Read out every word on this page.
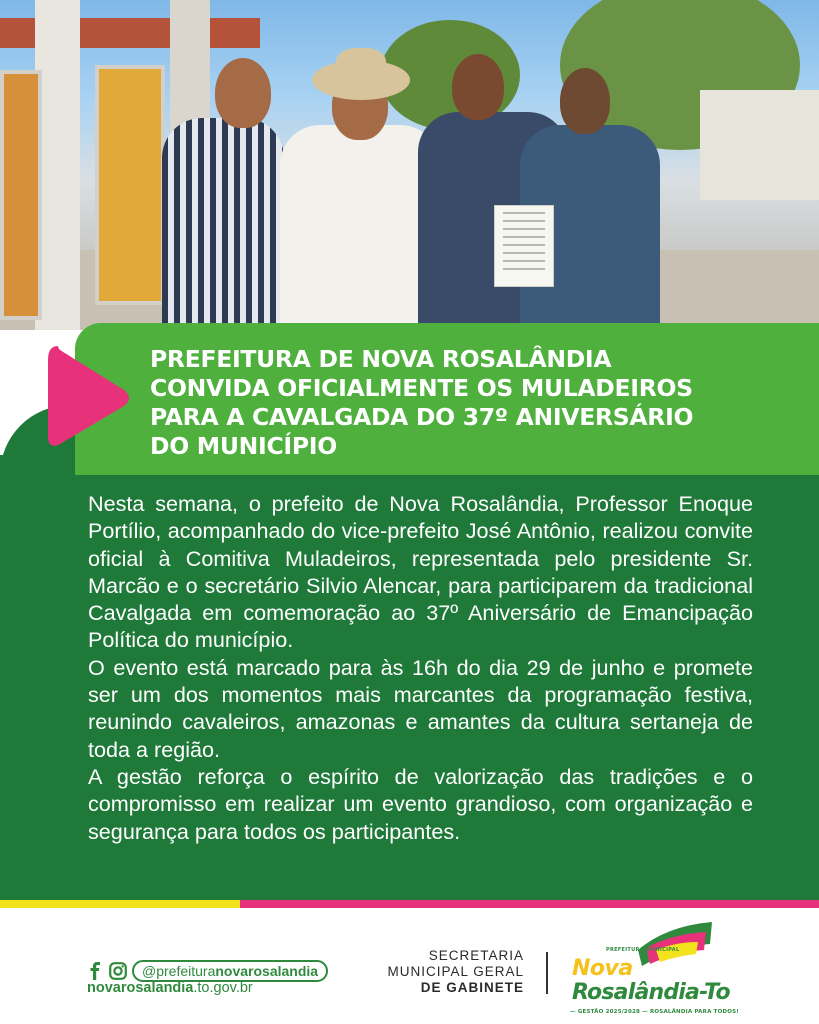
PREFEITURA DE NOVA ROSALÂNDIA
CONVIDA OFICIALMENTE OS MULADEIROS
PARA A CAVALGADA DO 37º ANIVERSÁRIO
DO MUNICÍPIO

Nesta semana, o prefeito de Nova Rosalândia, Professor Enoque Portílio, acompanhado do vice-prefeito José Antônio, realizou convite oficial à Comitiva Muladeiros, representada pelo presidente Sr. Marcão e o secretário Silvio Alencar, para participarem da tradicional Cavalgada em comemoração ao 37º Aniversário de Emancipação Política do município.

O evento está marcado para às 16h do dia 29 de junho e promete ser um dos momentos mais marcantes da programação festiva, reunindo cavaleiros, amazonas e amantes da cultura sertaneja de toda a região.

A gestão reforça o espírito de valorização das tradições e o compromisso em realizar um evento grandioso, com organização e segurança para todos os participantes.

@prefeituranovarosalandia
novarosalandia.to.gov.br
SECRETARIA
MUNICIPAL GERAL
DE GABINETE
PREFEITURA MUNICIPAL
Nova
Rosalândia-To
— GESTÃO 2025/2028 — ROSALÂNDIA PARA TODOS!
